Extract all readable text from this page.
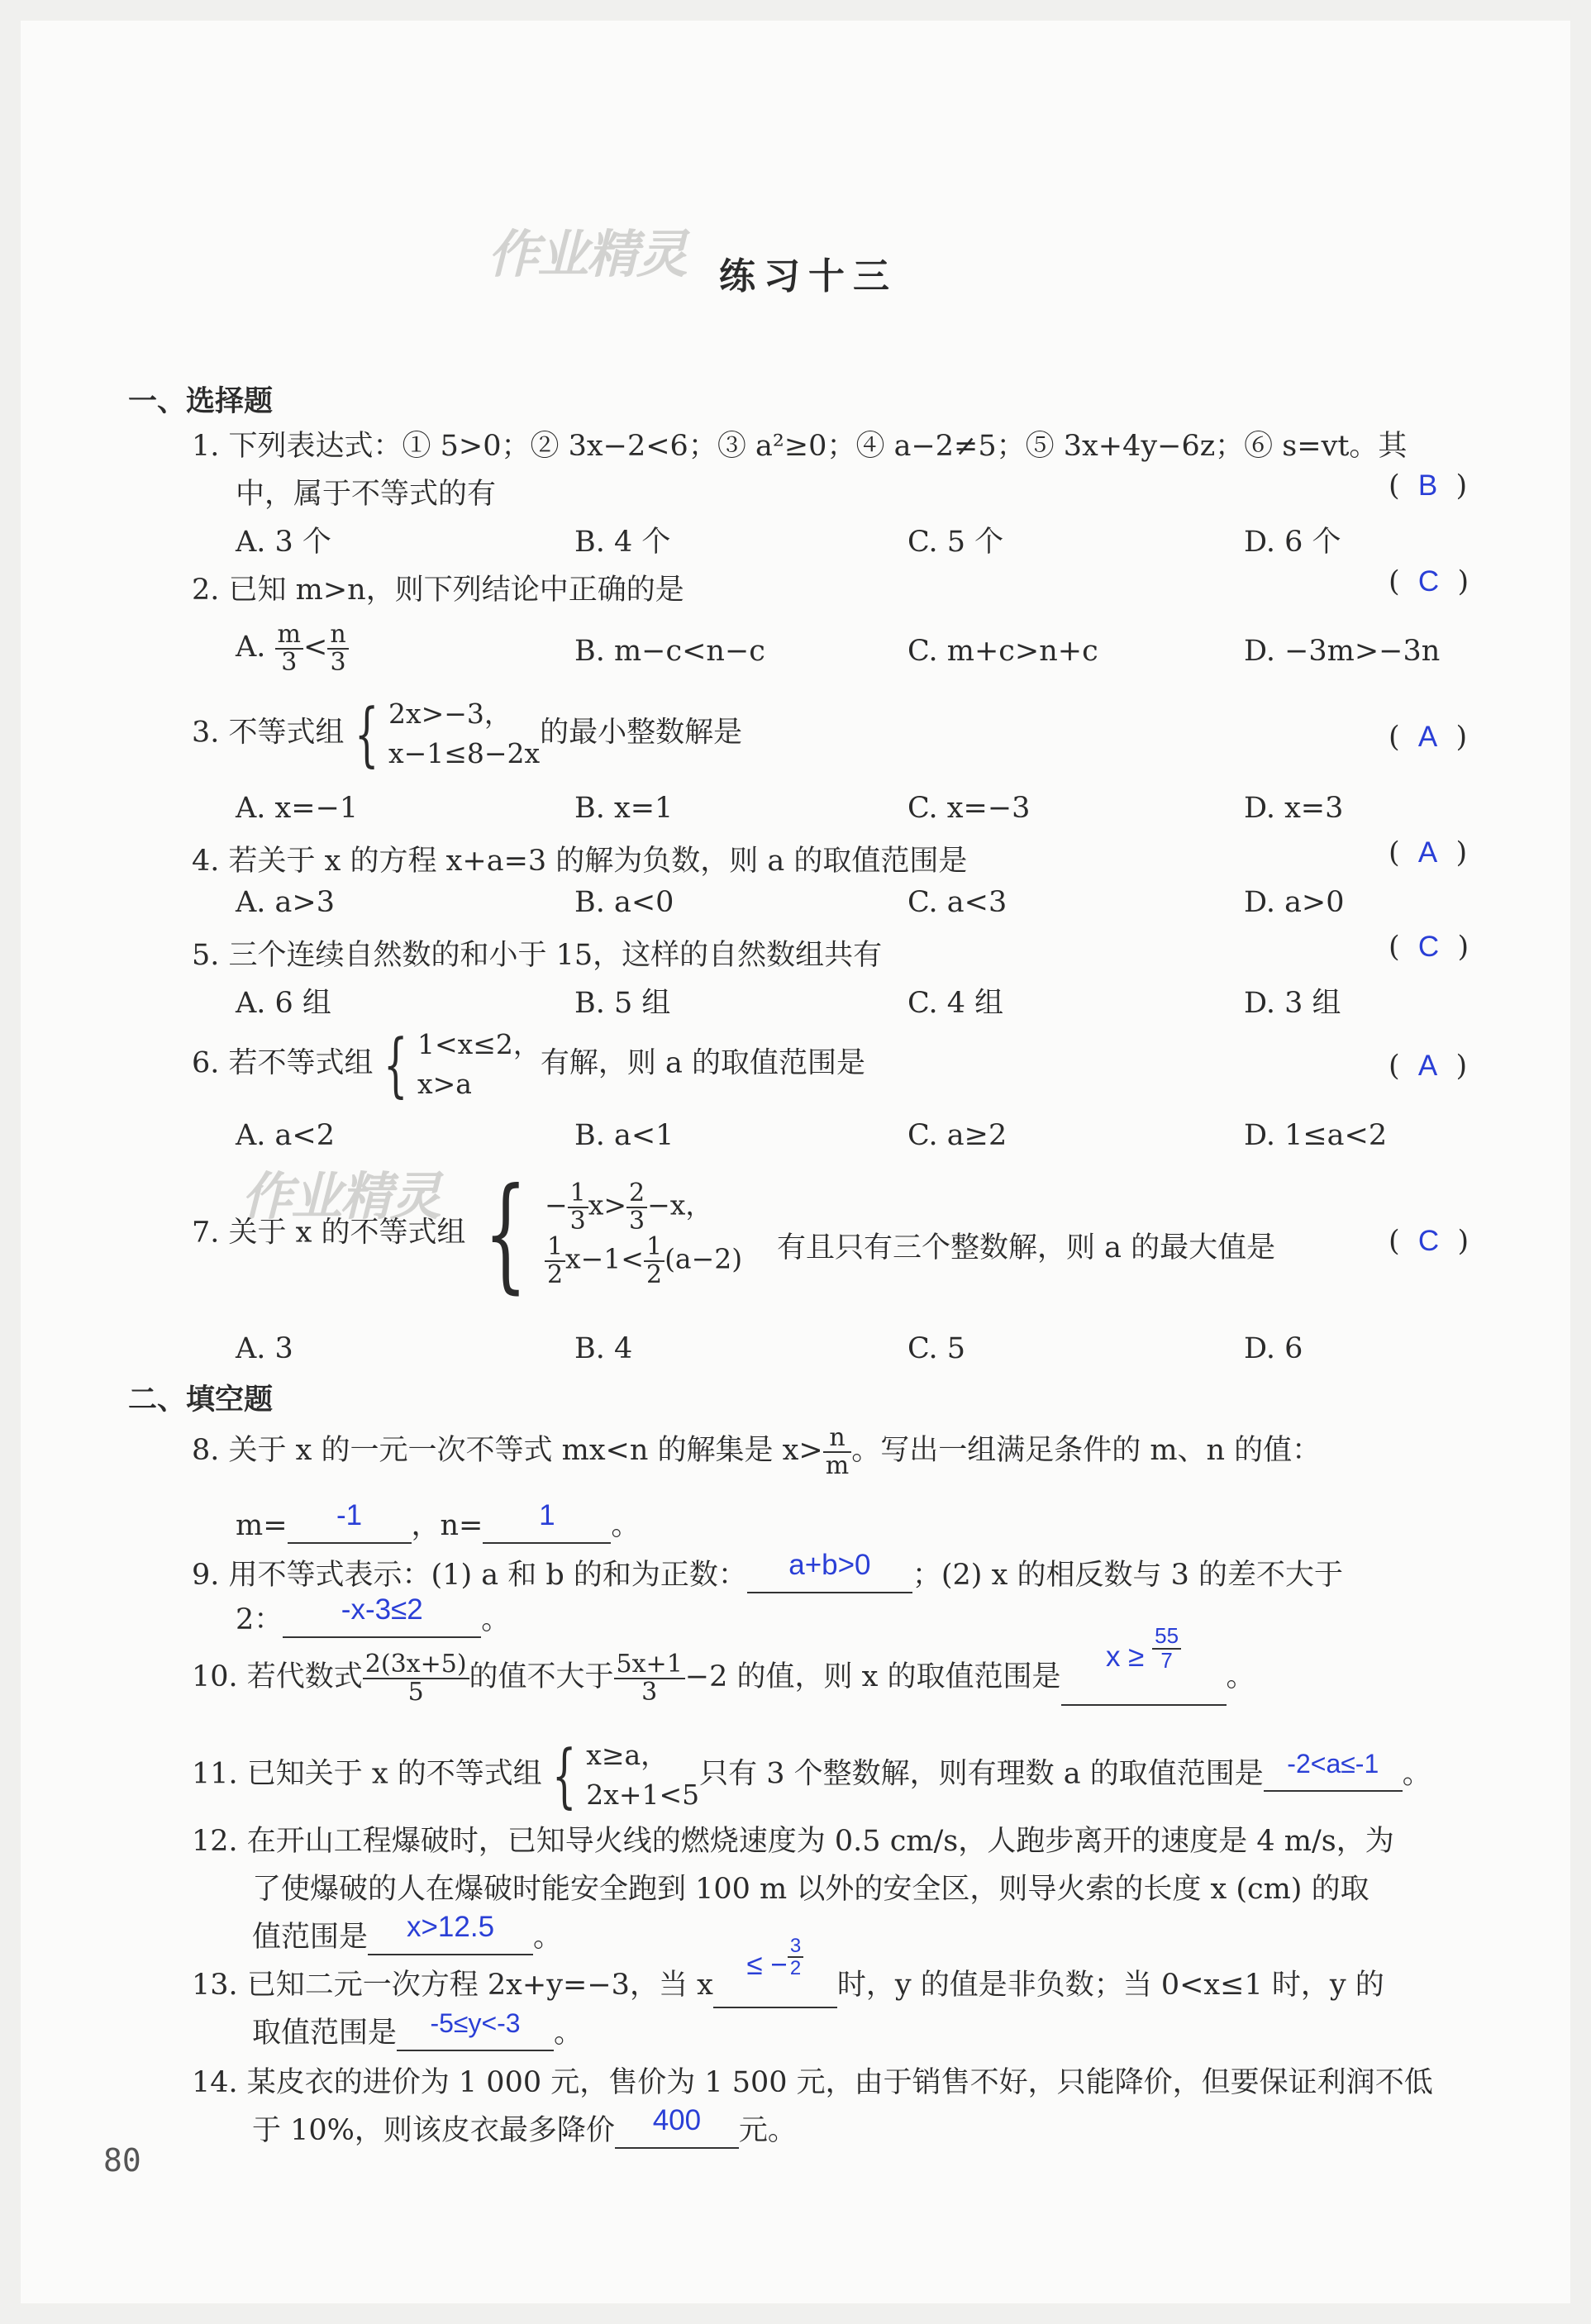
作业精灵 练习十三
一、选择题
1. 下列表达式：① 5>0；② 3x−2<6；③ a²≥0；④ a−2≠5；⑤ 3x+4y−6z；⑥ s=vt。其
中，属于不等式的有	(  B  )
A. 3 个	B. 4 个	C. 5 个	D. 6 个
2. 已知 m>n，则下列结论中正确的是	(  C  )
A. $\frac{m}{3} < \frac{n}{3}$	B. m−c<n−c	C. m+c>n+c	D. −3m>−3n
3. 不等式组 { 2x>−3，
x−1≤8−2x
的最小整数解是	(  A  )
A. x=−1	B. x=1	C. x=−3	D. x=3
4. 若关于 x 的方程 x+a=3 的解为负数，则 a 的取值范围是	(  A  )
A. a>3	B. a<0	C. a<3	D. a>0
5. 三个连续自然数的和小于 15，这样的自然数组共有	(  C  )
A. 6 组	B. 5 组	C. 4 组	D. 3 组
6. 若不等式组 { 1<x≤2，
x>a
有解，则 a 的取值范围是	(  A  )
A. a<2	B. a<1	C. a≥2	D. 1≤a<2
作业精灵
7. 关于 x 的不等式组 { − $\frac{1}{3} x> \frac{2}{3} -x$，
$\frac{1}{2} x-1< \frac{1}{2} (a-2)$ 有且只有三个整数解，则 a 的最大值是	(  C  )
A. 3	B. 4	C. 5	D. 6
二、填空题
8. 关于 x 的一元一次不等式 mx<n 的解集是 $x> \frac{n}{m}$ 。写出一组满足条件的 m、n 的值：
m= -1 ，n= 1 。
9. 用不等式表示：(1) a 和 b 的和为正数： a+b>0 ；(2) x 的相反数与 3 的差不大于
2： -x-3≤2 。
10. 若代数式 $\frac{2(3x+5)}{5}$ 的值不大于 $\frac{5x+1}{3} -2$ 的值，则 x 的取值范围是$x \ge \frac{55}{7}$ 。
11. 已知关于 x 的不等式组 { x≥a，
2x+1<5
只有 3 个整数解，则有理数 a 的取值范围是 -2<a≤-1 。
12. 在开山工程爆破时，已知导火线的燃烧速度为 0.5 cm/s，人跑步离开的速度是 4 m/s，为
了使爆破的人在爆破时能安全跑到 100 m 以外的安全区，则导火索的长度 x (cm) 的取
值范围是 x>12.5 。
13. 已知二元一次方程 2x+y=−3，当 $x\le - \frac{3}{2}$ 时，y 的值是非负数；当 0<x≤1 时，y 的
取值范围是 -5≤y<-3 。
14. 某皮衣的进价为 1 000 元，售价为 1 500 元，由于销售不好，只能降价，但要保证利润不低
于 10%，则该皮衣最多降价 400 元。
80
